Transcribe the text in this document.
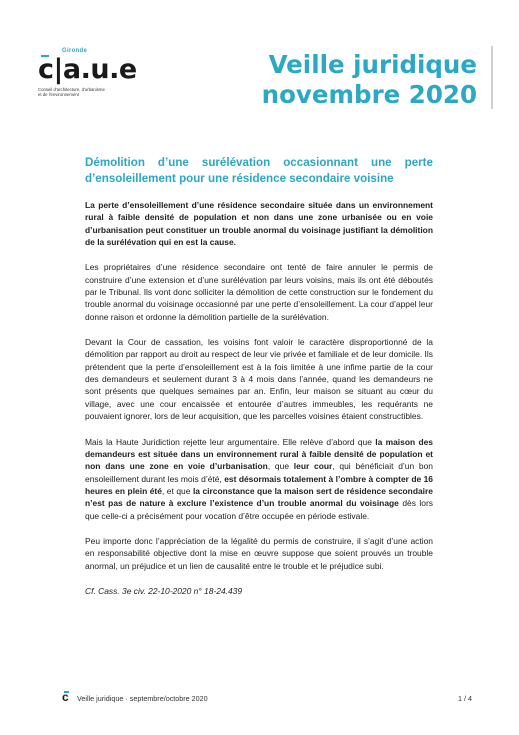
Gironde
c|a.u.e
Conseil d'architecture, d'urbanisme
et de l'environnement
Veille juridique
novembre 2020
Démolition d’une surélévation occasionnant une perte d’ensoleillement pour une résidence secondaire voisine

La perte d’ensoleillement d’une résidence secondaire située dans un environnement rural à faible densité de population et non dans une zone urbanisée ou en voie d’urbanisation peut constituer un trouble anormal du voisinage justifiant la démolition de la surélévation qui en est la cause.

Les propriétaires d’une résidence secondaire ont tenté de faire annuler le permis de construire d’une extension et d’une surélévation par leurs voisins, mais ils ont été déboutés par le Tribunal. Ils vont donc solliciter la démolition de cette construction sur le fondement du trouble anormal du voisinage occasionné par une perte d’ensoleillement. La cour d’appel leur donne raison et ordonne la démolition partielle de la surélévation.

Devant la Cour de cassation, les voisins font valoir le caractère disproportionné de la démolition par rapport au droit au respect de leur vie privée et familiale et de leur domicile. Ils prétendent que la perte d’ensoleillement est à la fois limitée à une infime partie de la cour des demandeurs et seulement durant 3 à 4 mois dans l’année, quand les demandeurs ne sont présents que quelques semaines par an. Enfin, leur maison se situant au cœur du village, avec une cour encaissée et entourée d’autres immeubles, les requérants ne pouvaient ignorer, lors de leur acquisition, que les parcelles voisines étaient constructibles.

Mais la Haute Juridiction rejette leur argumentaire. Elle relève d’abord que la maison des demandeurs est située dans un environnement rural à faible densité de population et non dans une zone en voie d’urbanisation, que leur cour, qui bénéficiait d’un bon ensoleillement durant les mois d’été, est désormais totalement à l’ombre à compter de 16 heures en plein été, et que la circonstance que la maison sert de résidence secondaire n’est pas de nature à exclure l’existence d’un trouble anormal du voisinage dès lors que celle-ci a précisément pour vocation d’être occupée en période estivale.

Peu importe donc l’appréciation de la légalité du permis de construire, il s’agit d’une action en responsabilité objective dont la mise en œuvre suppose que soient prouvés un trouble anormal, un préjudice et un lien de causalité entre le trouble et le préjudice subi.

Cf. Cass. 3e civ. 22-10-2020 n° 18-24.439

c Veille juridique · septembre/octobre 2020	1 / 4
